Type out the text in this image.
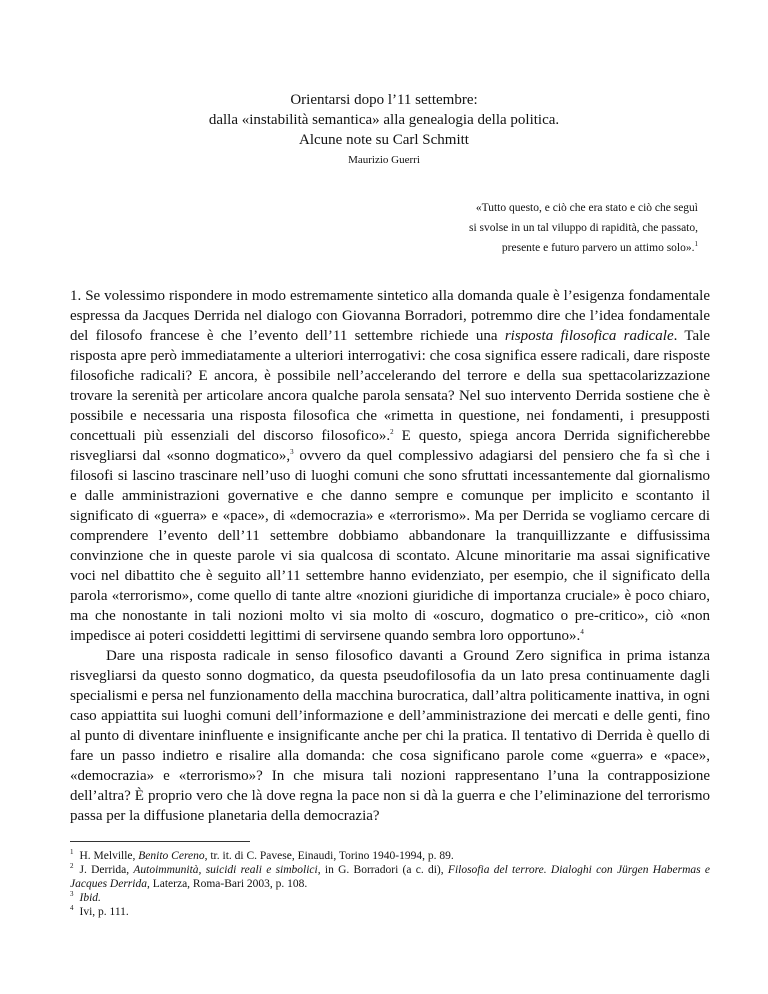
Orientarsi dopo l’11 settembre:
dalla «instabilità semantica» alla genealogia della politica.
Alcune note su Carl Schmitt
Maurizio Guerri
«Tutto questo, e ciò che era stato e ciò che seguì
si svolse in un tal viluppo di rapidità, che passato,
presente e futuro parvero un attimo solo».$^1$

1. Se volessimo rispondere in modo estremamente sintetico alla domanda quale è l’esigenza fondamentale espressa da Jacques Derrida nel dialogo con Giovanna Borradori, potremmo dire che l’idea fondamentale del filosofo francese è che l’evento dell’11 settembre richiede una risposta filosofica radicale. Tale risposta apre però immediatamente a ulteriori interrogativi: che cosa significa essere radicali, dare risposte filosofiche radicali? E ancora, è possibile nell’accelerando del terrore e della sua spettacolarizzazione trovare la serenità per articolare ancora qualche parola sensata? Nel suo intervento Derrida sostiene che è possibile e necessaria una risposta filosofica che «rimetta in questione, nei fondamenti, i presupposti concettuali più essenziali del discorso filosofico».$^2$ E questo, spiega ancora Derrida significherebbe risvegliarsi dal «sonno dogmatico»,$^3$ ovvero da quel complessivo adagiarsi del pensiero che fa sì che i filosofi si lascino trascinare nell’uso di luoghi comuni che sono sfruttati incessantemente dal giornalismo e dalle amministrazioni governative e che danno sempre e comunque per implicito e scontanto il significato di «guerra» e «pace», di «democrazia» e «terrorismo». Ma per Derrida se vogliamo cercare di comprendere l’evento dell’11 settembre dobbiamo abbandonare la tranquillizzante e diffusissima convinzione che in queste parole vi sia qualcosa di scontato. Alcune minoritarie ma assai significative voci nel dibattito che è seguito all’11 settembre hanno evidenziato, per esempio, che il significato della parola «terrorismo», come quello di tante altre «nozioni giuridiche di importanza cruciale» è poco chiaro, ma che nonostante in tali nozioni molto vi sia molto di «oscuro, dogmatico o pre-critico», ciò «non impedisce ai poteri cosiddetti legittimi di servirsene quando sembra loro opportuno».$^4$

Dare una risposta radicale in senso filosofico davanti a Ground Zero significa in prima istanza risvegliarsi da questo sonno dogmatico, da questa pseudofilosofia da un lato presa continuamente dagli specialismi e persa nel funzionamento della macchina burocratica, dall’altra politicamente inattiva, in ogni caso appiattita sui luoghi comuni dell’informazione e dell’amministrazione dei mercati e delle genti, fino al punto di diventare ininfluente e insignificante anche per chi la pratica. Il tentativo di Derrida è quello di fare un passo indietro e risalire alla domanda: che cosa significano parole come «guerra» e «pace», «democrazia» e «terrorismo»? In che misura tali nozioni rappresentano l’una la contrapposizione dell’altra? È proprio vero che là dove regna la pace non si dà la guerra e che l’eliminazione del terrorismo passa per la diffusione planetaria della democrazia?

$^1$ H. Melville, Benito Cereno, tr. it. di C. Pavese, Einaudi, Torino 1940-1994, p. 89.
$^2$ J. Derrida, Autoimmunità, suicidi reali e simbolici, in G. Borradori (a c. di), Filosofia del terrore. Dialoghi con Jürgen Habermas e Jacques Derrida, Laterza, Roma-Bari 2003, p. 108.
$^3$ Ibid.
$^4$ Ivi, p. 111.
